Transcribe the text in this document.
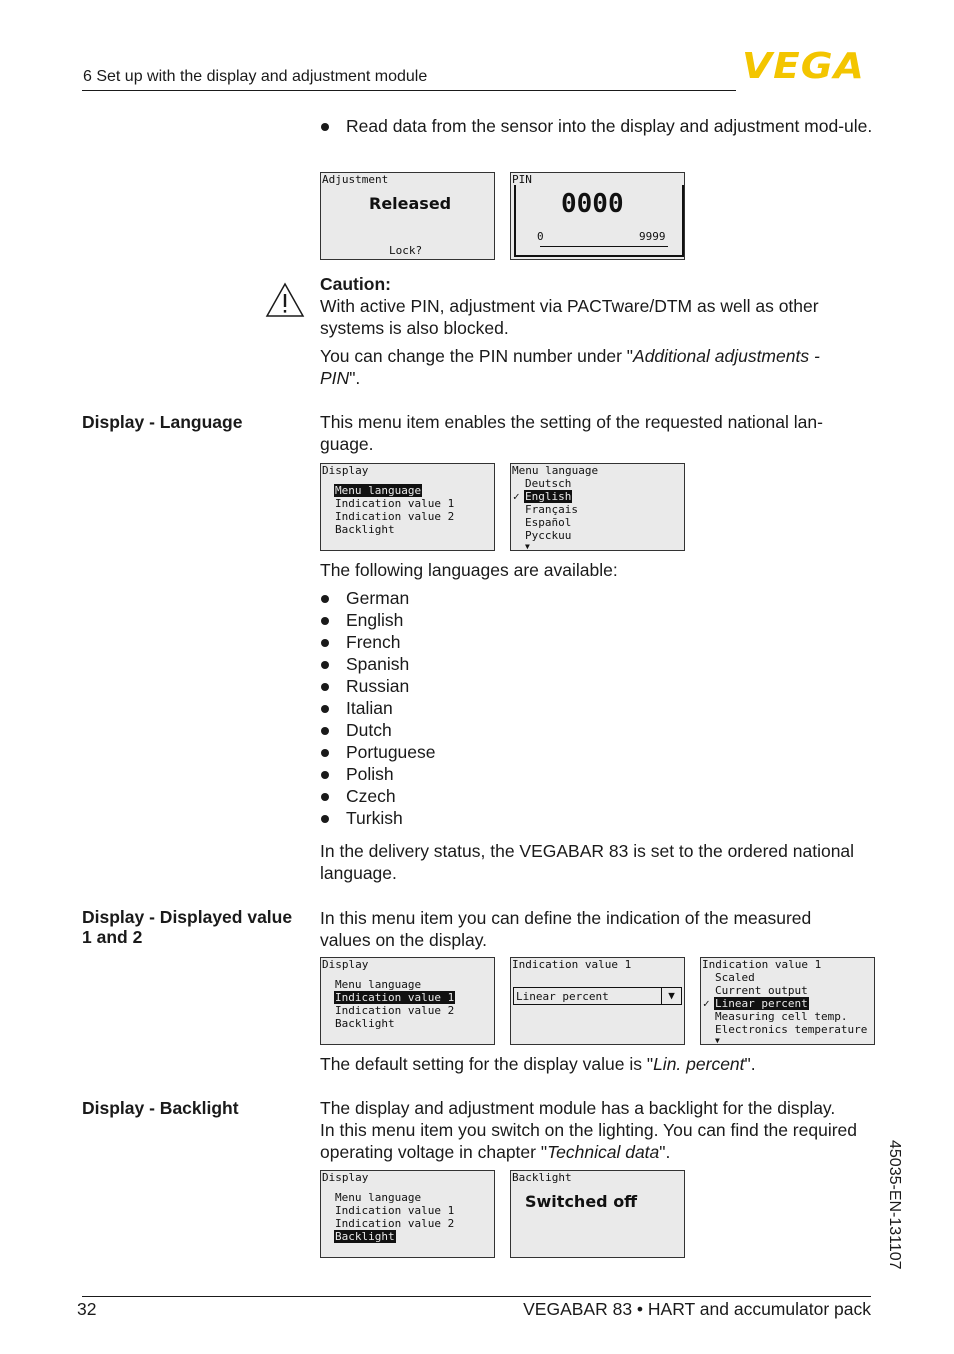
6 Set up with the display and adjustment module	VEGA
Read data from the sensor into the display and adjustment mod-ule.
Adjustment
Released
Lock?
PIN
0000
0	9999
Caution:
With active PIN, adjustment via PACTware/DTM as well as other systems is also blocked.
You can change the PIN number under "Additional adjustments - PIN".
Display - Language	This menu item enables the setting of the requested national lan-guage.
Display
Menu language
Indication value 1
Indication value 2
Backlight
Menu language
Deutsch
✓ English
Français
Español
Pycckuu
▼
The following languages are available:
German
English
French
Spanish
Russian
Italian
Dutch
Portuguese
Polish
Czech
Turkish
In the delivery status, the VEGABAR 83 is set to the ordered national language.
Display - Displayed value
1 and 2
In this menu item you can define the indication of the measured values on the display.
Display
Menu language
Indication value 1
Indication value 2
Backlight
Indication value 1
Linear percent	▼
Indication value 1
Scaled
Current output
✓ Linear percent
Measuring cell temp.
Electronics temperature
▼
The default setting for the display value is "Lin. percent".
Display - Backlight	The display and adjustment module has a backlight for the display.
In this menu item you switch on the lighting. You can find the required operating voltage in chapter "Technical data".
Display
Menu language
Indication value 1
Indication value 2
Backlight
Backlight
Switched off	45035-EN-131107
32	VEGABAR 83 • HART and accumulator pack
